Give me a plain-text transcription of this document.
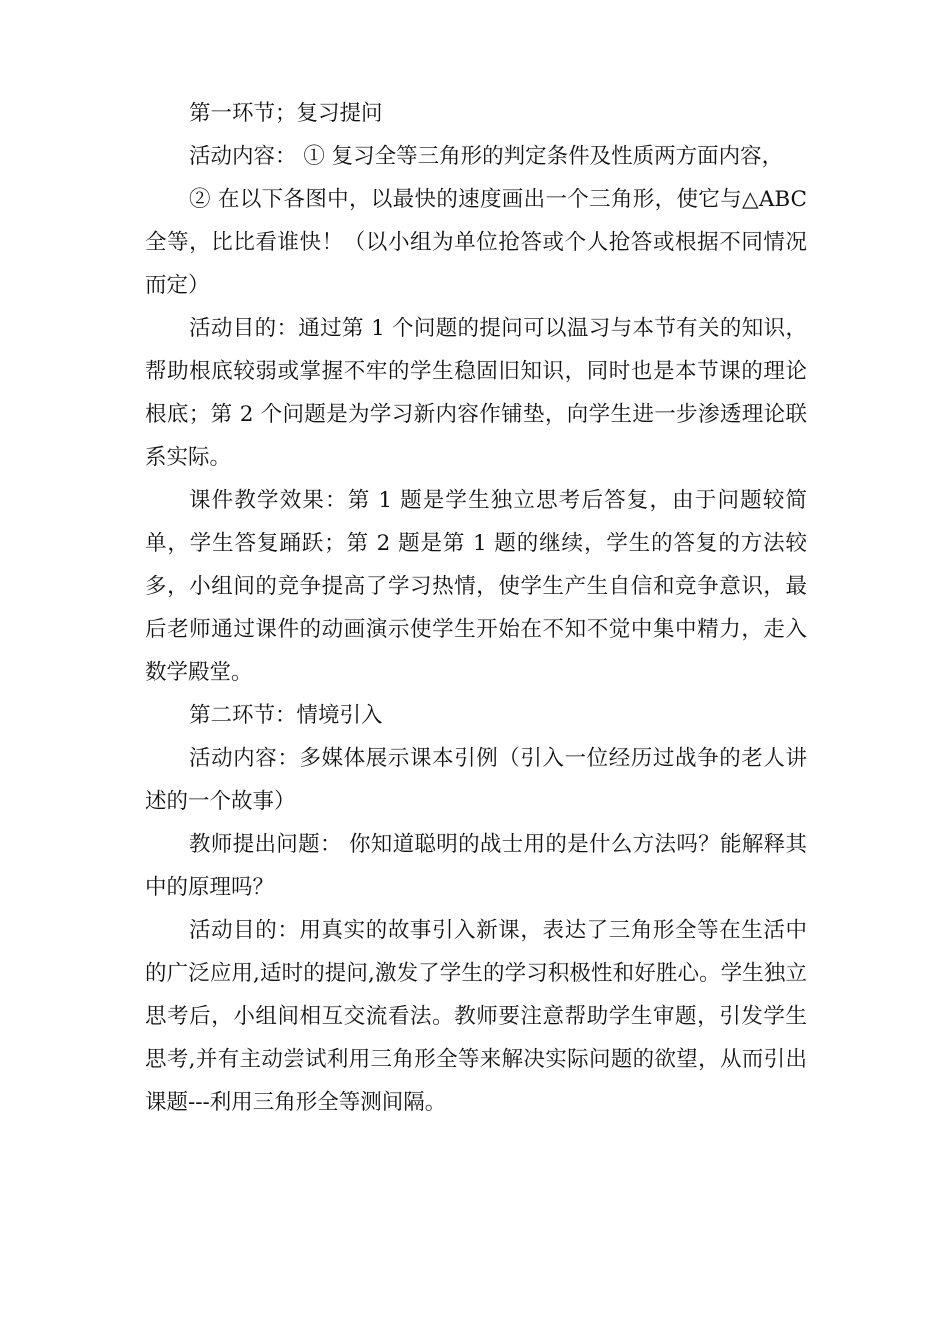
第一环节；复习提问

活动内容： ① 复习全等三角形的判定条件及性质两方面内容，

② 在以下各图中，以最快的速度画出一个三角形，使它与△ABC 全等，比比看谁快！（以小组为单位抢答或个人抢答或根据不同情况而定）

活动目的：通过第 1 个问题的提问可以温习与本节有关的知识，帮助根底较弱或掌握不牢的学生稳固旧知识，同时也是本节课的理论根底；第 2 个问题是为学习新内容作铺垫，向学生进一步渗透理论联系实际。

课件教学效果：第 1 题是学生独立思考后答复，由于问题较简单，学生答复踊跃；第 2 题是第 1 题的继续，学生的答复的方法较多，小组间的竞争提高了学习热情，使学生产生自信和竞争意识，最后老师通过课件的动画演示使学生开始在不知不觉中集中精力，走入数学殿堂。

第二环节：情境引入

活动内容：多媒体展示课本引例（引入一位经历过战争的老人讲述的一个故事）

教师提出问题： 你知道聪明的战士用的是什么方法吗？能解释其中的原理吗？

活动目的：用真实的故事引入新课，表达了三角形全等在生活中的广泛应用,适时的提问,激发了学生的学习积极性和好胜心。学生独立思考后，小组间相互交流看法。教师要注意帮助学生审题，引发学生思考,并有主动尝试利用三角形全等来解决实际问题的欲望，从而引出课题---利用三角形全等测间隔。
